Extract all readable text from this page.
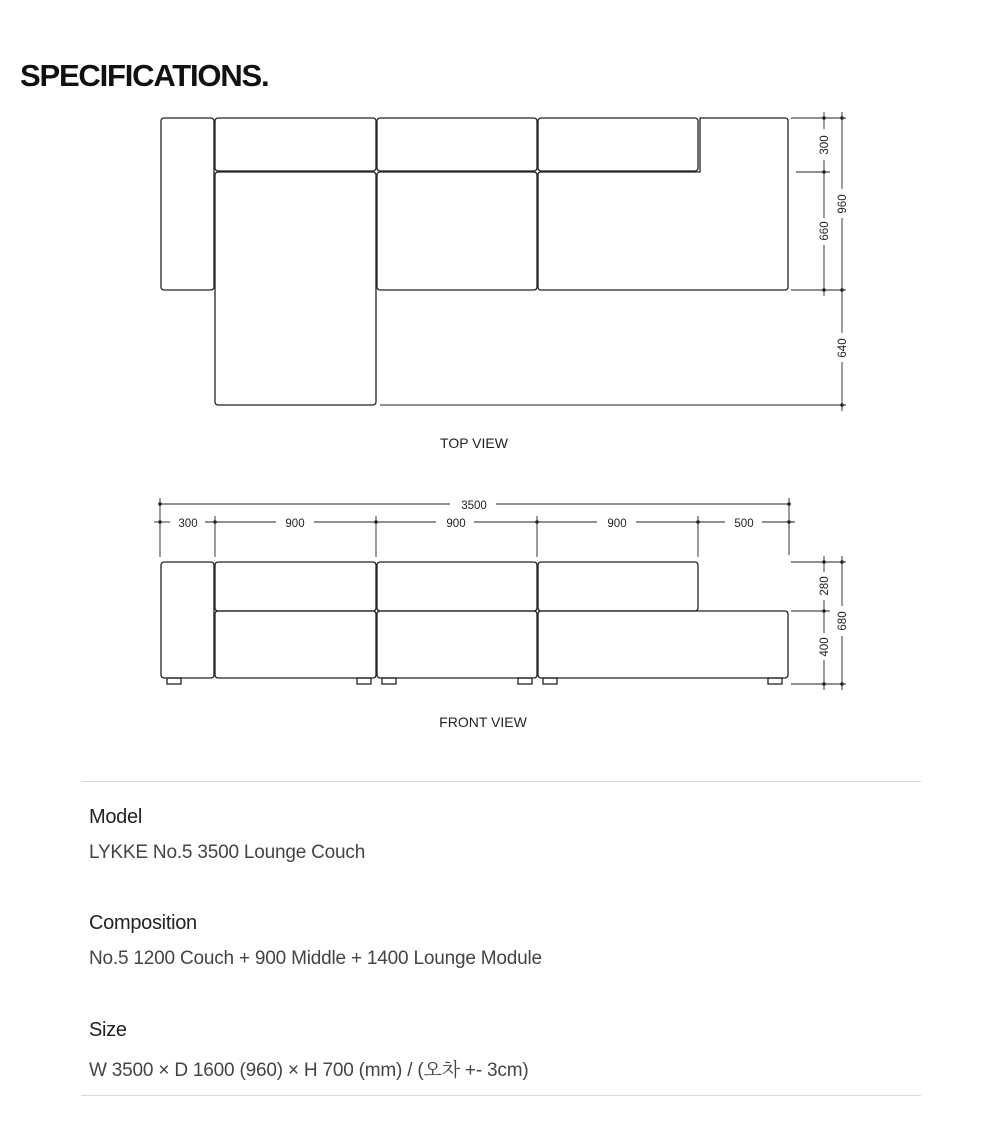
SPECIFICATIONS.
300
660
960
640
TOP VIEW
3500
300	900	900	900	500
280
400
680
FRONT VIEW
Model
LYKKE No.5 3500 Lounge Couch
Composition
No.5 1200 Couch + 900 Middle + 1400 Lounge Module
Size
W 3500 × D 1600 (960) × H 700 (mm) / (오차 +- 3cm)
